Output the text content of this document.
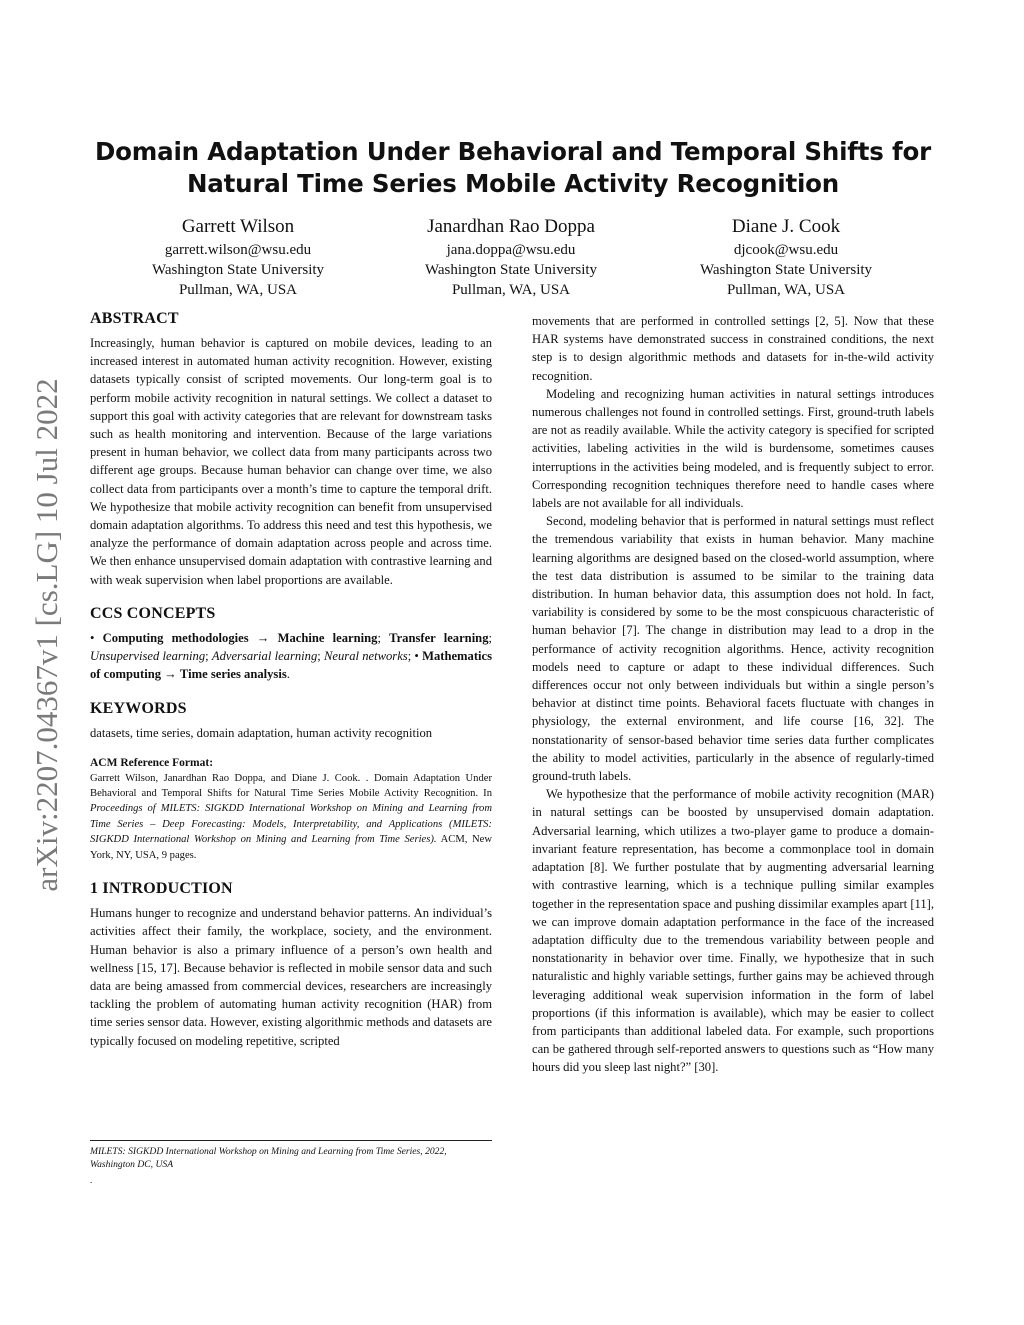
arXiv:2207.04367v1 [cs.LG] 10 Jul 2022
Domain Adaptation Under Behavioral and Temporal Shifts for
Natural Time Series Mobile Activity Recognition
Garrett Wilson
garrett.wilson@wsu.edu
Washington State University
Pullman, WA, USA
Janardhan Rao Doppa
jana.doppa@wsu.edu
Washington State University
Pullman, WA, USA
Diane J. Cook
djcook@wsu.edu
Washington State University
Pullman, WA, USA
ABSTRACT

Increasingly, human behavior is captured on mobile devices, leading to an increased interest in automated human activity recognition. However, existing datasets typically consist of scripted movements. Our long-term goal is to perform mobile activity recognition in natural settings. We collect a dataset to support this goal with activity categories that are relevant for downstream tasks such as health monitoring and intervention. Because of the large variations present in human behavior, we collect data from many participants across two different age groups. Because human behavior can change over time, we also collect data from participants over a month’s time to capture the temporal drift. We hypothesize that mobile activity recognition can benefit from unsupervised domain adaptation algorithms. To address this need and test this hypothesis, we analyze the performance of domain adaptation across people and across time. We then enhance unsupervised domain adaptation with contrastive learning and with weak supervision when label proportions are available.

CCS CONCEPTS

• Computing methodologies → Machine learning; Transfer learning; Unsupervised learning; Adversarial learning; Neural networks; • Mathematics of computing → Time series analysis.

KEYWORDS

datasets, time series, domain adaptation, human activity recognition

ACM Reference Format:

Garrett Wilson, Janardhan Rao Doppa, and Diane J. Cook. . Domain Adaptation Under Behavioral and Temporal Shifts for Natural Time Series Mobile Activity Recognition. In Proceedings of MILETS: SIGKDD International Workshop on Mining and Learning from Time Series – Deep Forecasting: Models, Interpretability, and Applications (MILETS: SIGKDD International Workshop on Mining and Learning from Time Series). ACM, New York, NY, USA, 9 pages.

1 INTRODUCTION

Humans hunger to recognize and understand behavior patterns. An individual’s activities affect their family, the workplace, society, and the environment. Human behavior is also a primary influence of a person’s own health and wellness [15, 17]. Because behavior is reflected in mobile sensor data and such data are being amassed from commercial devices, researchers are increasingly tackling the problem of automating human activity recognition (HAR) from time series sensor data. However, existing algorithmic methods and datasets are typically focused on modeling repetitive, scripted

MILETS: SIGKDD International Workshop on Mining and Learning from Time Series, 2022, Washington DC, USA
.

movements that are performed in controlled settings [2, 5]. Now that these HAR systems have demonstrated success in constrained conditions, the next step is to design algorithmic methods and datasets for in-the-wild activity recognition.

Modeling and recognizing human activities in natural settings introduces numerous challenges not found in controlled settings. First, ground-truth labels are not as readily available. While the activity category is specified for scripted activities, labeling activities in the wild is burdensome, sometimes causes interruptions in the activities being modeled, and is frequently subject to error. Corresponding recognition techniques therefore need to handle cases where labels are not available for all individuals.

Second, modeling behavior that is performed in natural settings must reflect the tremendous variability that exists in human behavior. Many machine learning algorithms are designed based on the closed-world assumption, where the test data distribution is assumed to be similar to the training data distribution. In human behavior data, this assumption does not hold. In fact, variability is considered by some to be the most conspicuous characteristic of human behavior [7]. The change in distribution may lead to a drop in the performance of activity recognition algorithms. Hence, activity recognition models need to capture or adapt to these individual differences. Such differences occur not only between individuals but within a single person’s behavior at distinct time points. Behavioral facets fluctuate with changes in physiology, the external environment, and life course [16, 32]. The nonstationarity of sensor-based behavior time series data further complicates the ability to model activities, particularly in the absence of regularly-timed ground-truth labels.

We hypothesize that the performance of mobile activity recognition (MAR) in natural settings can be boosted by unsupervised domain adaptation. Adversarial learning, which utilizes a two-player game to produce a domain-invariant feature representation, has become a commonplace tool in domain adaptation [8]. We further postulate that by augmenting adversarial learning with contrastive learning, which is a technique pulling similar examples together in the representation space and pushing dissimilar examples apart [11], we can improve domain adaptation performance in the face of the increased adaptation difficulty due to the tremendous variability between people and nonstationarity in behavior over time. Finally, we hypothesize that in such naturalistic and highly variable settings, further gains may be achieved through leveraging additional weak supervision information in the form of label proportions (if this information is available), which may be easier to collect from participants than additional labeled data. For example, such proportions can be gathered through self-reported answers to questions such as “How many hours did you sleep last night?” [30].
